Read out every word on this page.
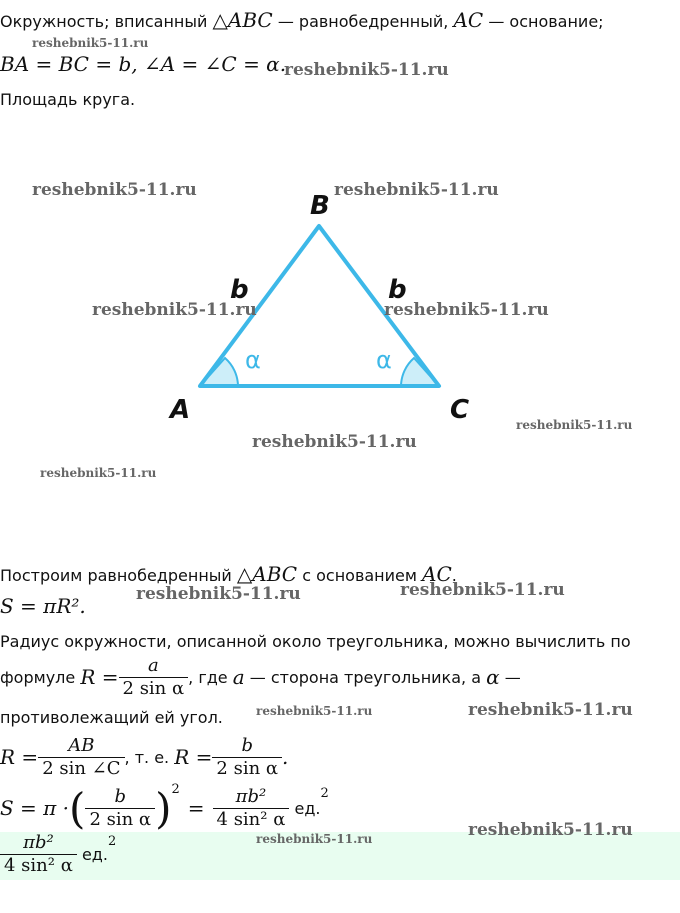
Окружность; вписанный △ABC — равнобедренный, AC — основание;
BA = BC = b, ∠A = ∠C = α.
Площадь круга.
B
A	C
b	b
α	α
Построим равнобедренный △ABC с основанием AC.
S = πR².
Радиус окружности, описанной около треугольника, можно вычислить по
формуле
$R = \frac{a}{\text{2 sin α}}$ , где
a
— сторона треугольника, а
α
—
противолежащий ей угол.
$R = \frac{AB}{2 \sin \angle C}$ , т. е.
$R = \frac{b}{\text{2 sin α}}$ .
S = π · ( $\frac{b}{\text{2 sin α}} )^2$
= $\frac{\text{πb²}}{\text{4 sin² α}}$
ед.
$^2$
$\frac{\text{πb²}}{\text{4 sin² α}}$
ед.
$^2$
reshebnik5-11.ru
reshebnik5-11.ru
reshebnik5-11.ru	reshebnik5-11.ru
reshebnik5-11.ru	reshebnik5-11.ru
reshebnik5-11.ru
reshebnik5-11.ru
reshebnik5-11.ru
reshebnik5-11.ru	reshebnik5-11.ru
reshebnik5-11.ru	reshebnik5-11.ru
reshebnik5-11.ru	reshebnik5-11.ru
